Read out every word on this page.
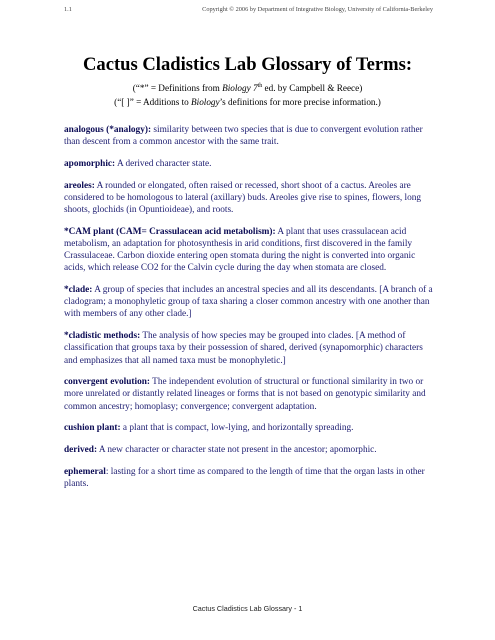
1.1	Copyright © 2006 by Department of Integrative Biology, University of California-Berkeley
Cactus Cladistics Lab Glossary of Terms:
(“*” = Definitions from Biology 7th ed. by Campbell & Reece)
(“[ ]” = Additions to Biology’s definitions for more precise information.)

analogous (*analogy): similarity between two species that is due to convergent evolution rather than descent from a common ancestor with the same trait.

apomorphic: A derived character state.

areoles: A rounded or elongated, often raised or recessed, short shoot of a cactus. Areoles are considered to be homologous to lateral (axillary) buds. Areoles give rise to spines, flowers, long shoots, glochids (in Opuntioideae), and roots.

*CAM plant (CAM= Crassulacean acid metabolism): A plant that uses crassulacean acid metabolism, an adaptation for photosynthesis in arid conditions, first discovered in the family Crassulaceae. Carbon dioxide entering open stomata during the night is converted into organic acids, which release CO2 for the Calvin cycle during the day when stomata are closed.

*clade: A group of species that includes an ancestral species and all its descendants. [A branch of a cladogram; a monophyletic group of taxa sharing a closer common ancestry with one another than with members of any other clade.]

*cladistic methods: The analysis of how species may be grouped into clades. [A method of classification that groups taxa by their possession of shared, derived (synapomorphic) characters and emphasizes that all named taxa must be monophyletic.]

convergent evolution: The independent evolution of structural or functional similarity in two or more unrelated or distantly related lineages or forms that is not based on genotypic similarity and common ancestry; homoplasy; convergence; convergent adaptation.

cushion plant: a plant that is compact, low-lying, and horizontally spreading.

derived: A new character or character state not present in the ancestor; apomorphic.

ephemeral: lasting for a short time as compared to the length of time that the organ lasts in other plants.

Cactus Cladistics Lab Glossary - 1
